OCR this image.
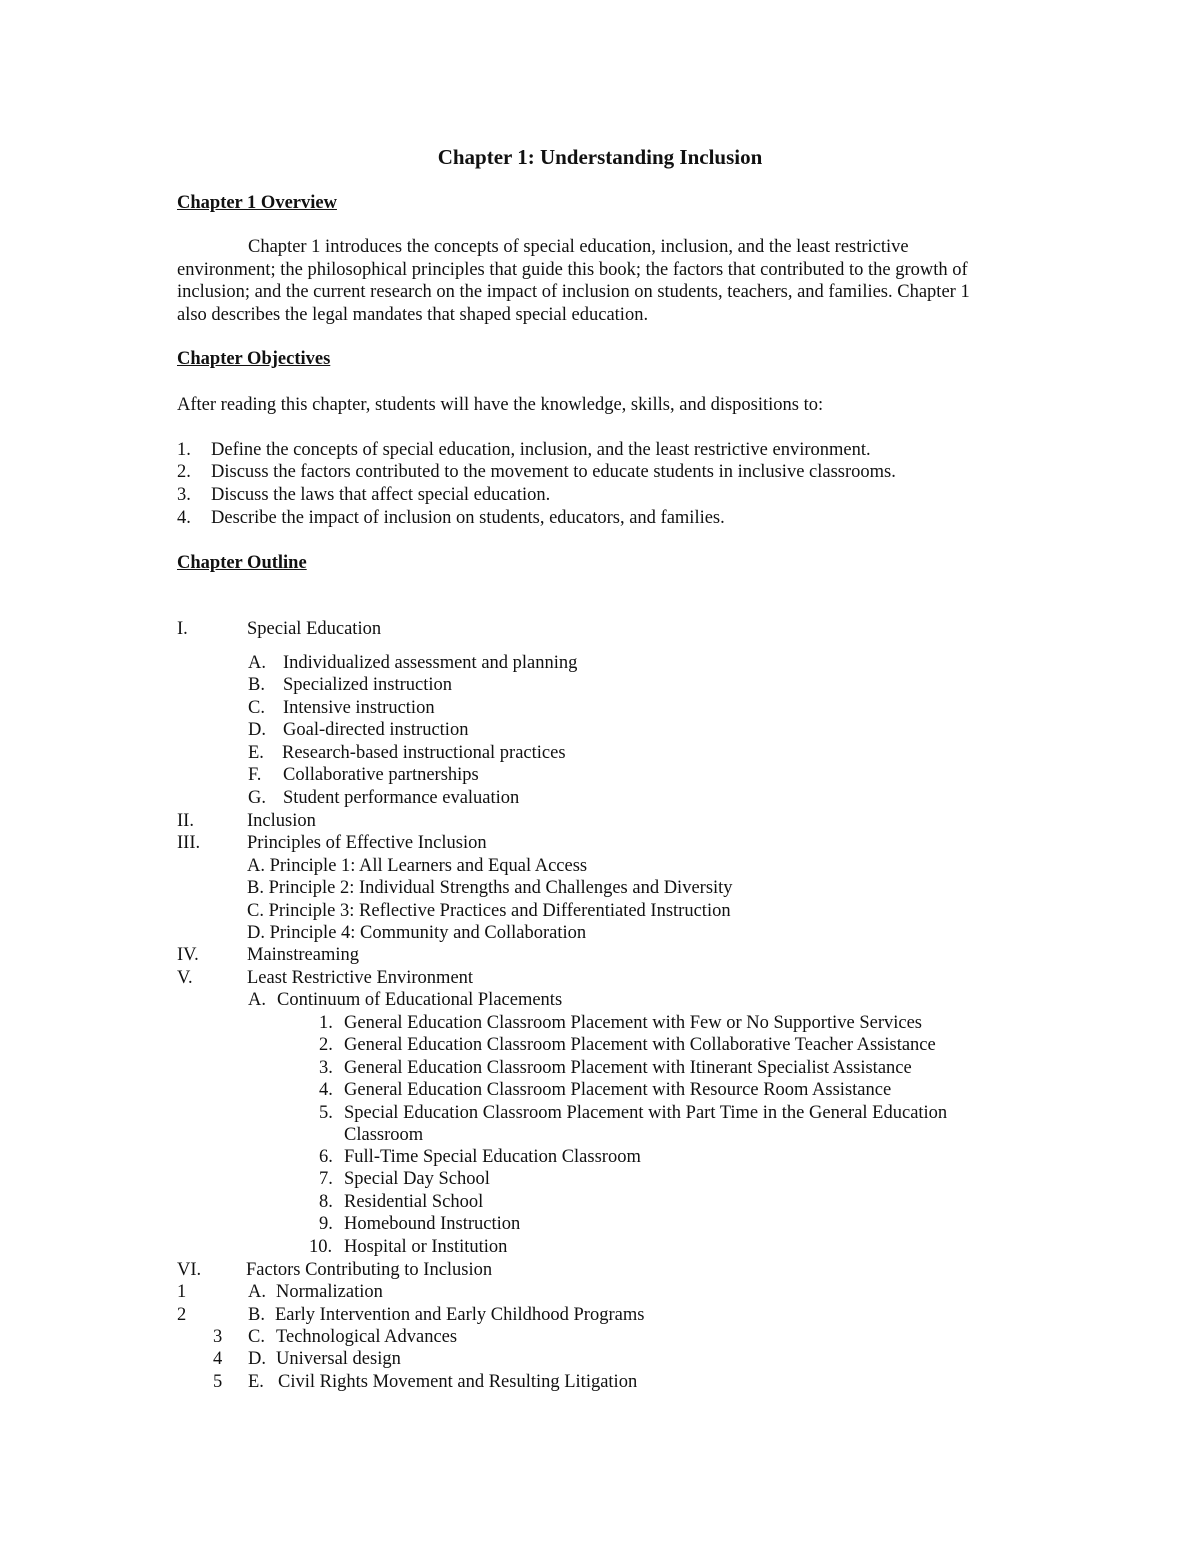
Chapter 1: Understanding Inclusion
Chapter 1 Overview
Chapter 1 introduces the concepts of special education, inclusion, and the least restrictive
environment; the philosophical principles that guide this book; the factors that contributed to the growth of
inclusion; and the current research on the impact of inclusion on students, teachers, and families. Chapter 1
also describes the legal mandates that shaped special education.
Chapter Objectives
After reading this chapter, students will have the knowledge, skills, and dispositions to:
1. Define the concepts of special education, inclusion, and the least restrictive environment.
2. Discuss the factors contributed to the movement to educate students in inclusive classrooms.
3. Discuss the laws that affect special education.
4. Describe the impact of inclusion on students, educators, and families.
Chapter Outline
I.	Special Education
A. Individualized assessment and planning
B. Specialized instruction
C. Intensive instruction
D. Goal-directed instruction
E. Research-based instructional practices
F. Collaborative partnerships
G. Student performance evaluation
II.	Inclusion
III.	Principles of Effective Inclusion
A. Principle 1: All Learners and Equal Access
B. Principle 2: Individual Strengths and Challenges and Diversity
C. Principle 3: Reflective Practices and Differentiated Instruction
D. Principle 4: Community and Collaboration
IV.	Mainstreaming
V.	Least Restrictive Environment
A. Continuum of Educational Placements
1. General Education Classroom Placement with Few or No Supportive Services
2. General Education Classroom Placement with Collaborative Teacher Assistance
3. General Education Classroom Placement with Itinerant Specialist Assistance
4. General Education Classroom Placement with Resource Room Assistance
5. Special Education Classroom Placement with Part Time in the General Education
Classroom
6. Full-Time Special Education Classroom
7. Special Day School
8. Residential School
9. Homebound Instruction
10. Hospital or Institution
VI. Factors Contributing to Inclusion
1	A. Normalization
2	B. Early Intervention and Early Childhood Programs
3 C. Technological Advances
4 D. Universal design
5 E. Civil Rights Movement and Resulting Litigation
